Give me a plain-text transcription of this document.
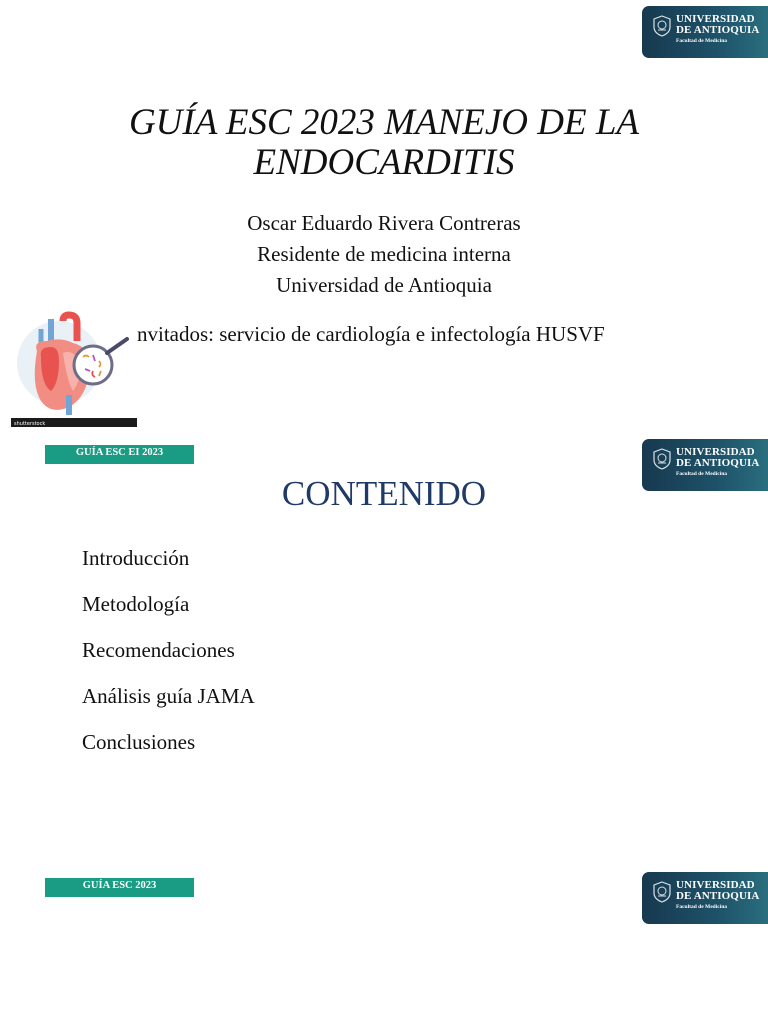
UNIVERSIDAD
DE ANTIOQUIA
Facultad de Medicina
GUÍA ESC 2023 MANEJO DE LA
ENDOCARDITIS
Oscar Eduardo Rivera Contreras
Residente de medicina interna
Universidad de Antioquia
shutterstock
nvitados: servicio de cardiología e infectología HUSVF
GUÍA ESC EI 2023	UNIVERSIDAD
DE ANTIOQUIA
Facultad de Medicina
CONTENIDO
Introducción
Metodología
Recomendaciones
Análisis guía JAMA
Conclusiones
GUÍA ESC 2023	UNIVERSIDAD
DE ANTIOQUIA
Facultad de Medicina
